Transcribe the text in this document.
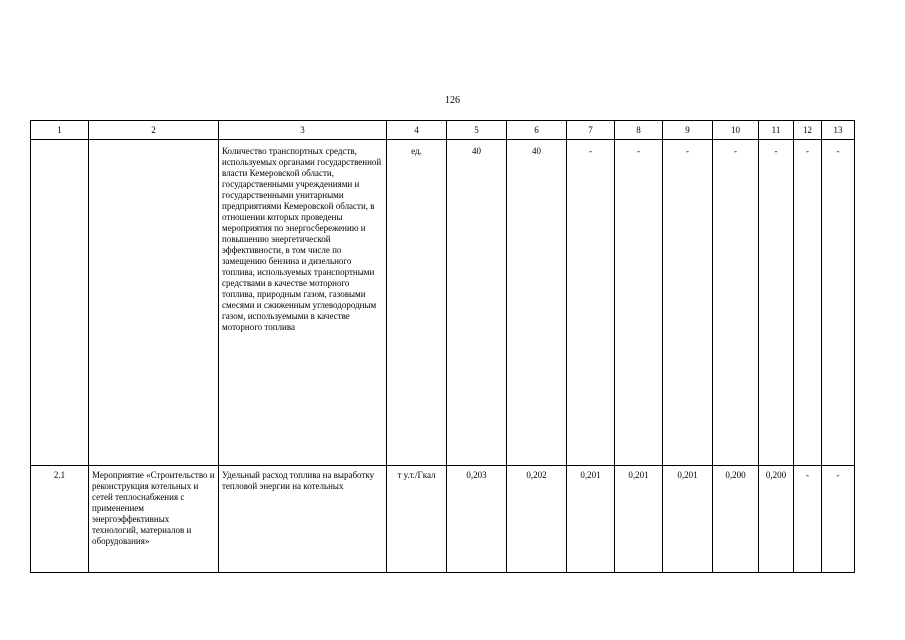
126
1	2	3	4	5	6	7	8	9	10	11	12	13
		Количество транспортных средств, используемых органами государственной власти Кемеровской области, государственными учреждениями и государственными унитарными предприятиями Кемеровской области, в отношении которых проведены мероприятия по энергосбережению и повышению энергетической эффективности, в том числе по замещению бензина и дизельного топлива, используемых транспортными средствами в качестве моторного топлива, природным газом, газовыми смесями и сжиженным углеводородным газом, используемыми в качестве моторного топлива	ед.	40	40	-	-	-	-	-	-	-
2.1	Мероприятие «Строительство и реконструкция котельных и сетей теплоснабжения с применением энергоэффективных технологий, материалов и оборудования»	Удельный расход топлива на выработку тепловой энергии на котельных	т у.т./Гкал	0,203	0,202	0,201	0,201	0,201	0,200	0,200	-	-
